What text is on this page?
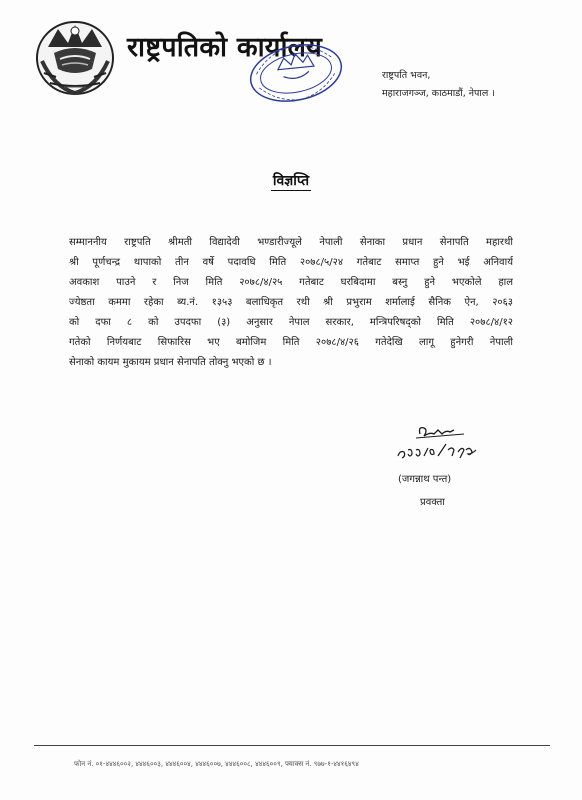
राष्ट्रपतिको कार्यालय
राष्ट्रपति भवन,
महाराजगञ्ज, काठमाडौं, नेपाल ।
विज्ञप्ति
सम्माननीय राष्ट्रपति श्रीमती विद्यादेवी भण्डारीज्यूले नेपाली सेनाका प्रधान सेनापति महारथी
श्री पूर्णचन्द्र थापाको तीन वर्षे पदावधि मिति २०७८/५/२४ गतेबाट समाप्त हुने भई अनिवार्य
अवकाश पाउने र निज मिति २०७८/४/२५ गतेबाट घरबिदामा बस्नु हुने भएकोले हाल
ज्येष्ठता कममा रहेका ब्य.नं. १३५३ बलाधिकृत रथी श्री प्रभुराम शर्मालाई सैनिक ऐन, २०६३
को दफा ८ को उपदफा (३) अनुसार नेपाल सरकार, मन्त्रिपरिषद्को मिति २०७८/४/१२
गतेको निर्णयबाट सिफारिस भए बमोजिम मिति २०७८/४/२६ गतेदेखि लागू हुनेगरी नेपाली
सेनाको कायम मुकायम प्रधान सेनापति तोक्नु भएको छ ।
(जगन्नाथ पन्त)
प्रवक्ता
फोन नं. ०१-४४४६००२, ४४४६००३, ४४४६००४, ४४४६००७, ४४४६००८, ४४४६००९, फ्याक्स नं. ९७७-१-४४१६४९४
